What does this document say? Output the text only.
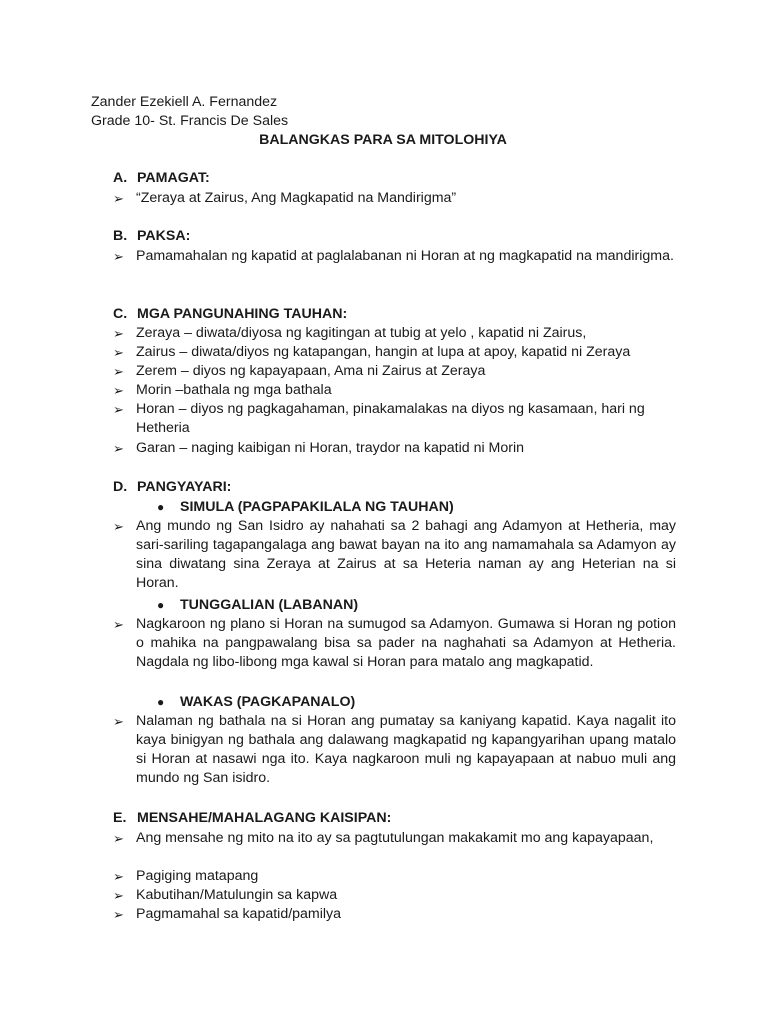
Zander Ezekiell A. Fernandez
Grade 10- St. Francis De Sales
BALANGKAS PARA SA MITOLOHIYA
A. PAMAGAT:
➢ “Zeraya at Zairus, Ang Magkapatid na Mandirigma”
B. PAKSA:
➢ Pamamahalan ng kapatid at paglalabanan ni Horan at ng magkapatid na mandirigma.
C. MGA PANGUNAHING TAUHAN:
➢ Zeraya – diwata/diyosa ng kagitingan at tubig at yelo , kapatid ni Zairus,
➢ Zairus – diwata/diyos ng katapangan, hangin at lupa at apoy, kapatid ni Zeraya
➢ Zerem – diyos ng kapayapaan, Ama ni Zairus at Zeraya
➢ Morin –bathala ng mga bathala
➢ Horan – diyos ng pagkagahaman, pinakamalakas na diyos ng kasamaan, hari ng Hetheria
➢ Garan – naging kaibigan ni Horan, traydor na kapatid ni Morin
D. PANGYAYARI:
● SIMULA (PAGPAPAKILALA NG TAUHAN)
➢ Ang mundo ng San Isidro ay nahahati sa 2 bahagi ang Adamyon at Hetheria, may sari-sariling tagapangalaga ang bawat bayan na ito ang namamahala sa Adamyon ay sina diwatang sina Zeraya at Zairus at sa Heteria naman ay ang Heterian na si Horan.
● TUNGGALIAN (LABANAN)
➢ Nagkaroon ng plano si Horan na sumugod sa Adamyon. Gumawa si Horan ng potion o mahika na pangpawalang bisa sa pader na naghahati sa Adamyon at Hetheria. Nagdala ng libo-libong mga kawal si Horan para matalo ang magkapatid.
● WAKAS (PAGKAPANALO)
➢ Nalaman ng bathala na si Horan ang pumatay sa kaniyang kapatid. Kaya nagalit ito kaya binigyan ng bathala ang dalawang magkapatid ng kapangyarihan upang matalo si Horan at nasawi nga ito. Kaya nagkaroon muli ng kapayapaan at nabuo muli ang mundo ng San isidro.
E. MENSAHE/MAHALAGANG KAISIPAN:
➢ Ang mensahe ng mito na ito ay sa pagtutulungan makakamit mo ang kapayapaan,
➢ Pagiging matapang
➢ Kabutihan/Matulungin sa kapwa
➢ Pagmamahal sa kapatid/pamilya
